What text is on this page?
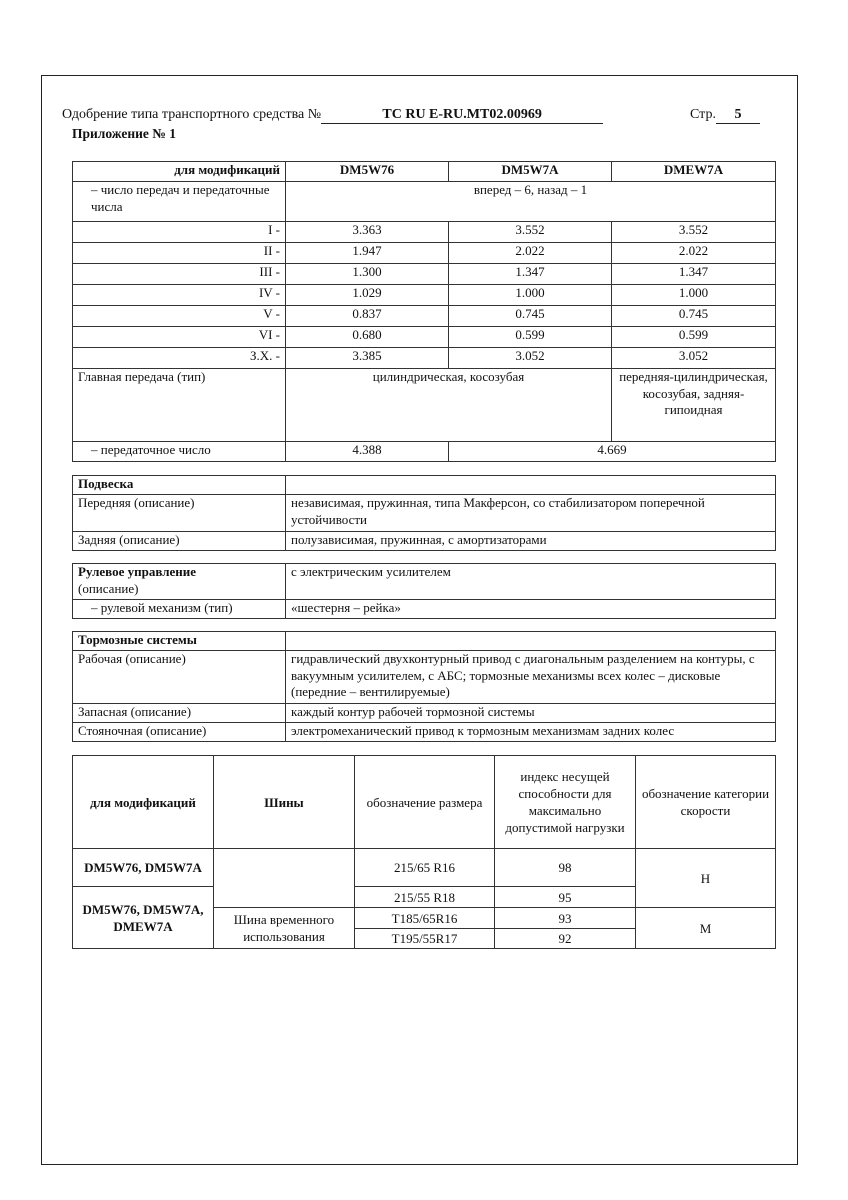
Одобрение типа транспортного средства №	ТС RU E-RU.MT02.00969	Стр. 5
Приложение № 1
для модификаций	DM5W76	DM5W7A	DMEW7A
– число передач и передаточные числа	вперед – 6, назад – 1		
I -	3.363	3.552	3.552
II -	1.947	2.022	2.022
III -	1.300	1.347	1.347
IV -	1.029	1.000	1.000
V -	0.837	0.745	0.745
VI -	0.680	0.599	0.599
З.Х. -	3.385	3.052	3.052
Главная передача (тип)	цилиндрическая, косозубая		передняя-цилиндрическая, косозубая, задняя-гипоидная
– передаточное число	4.388	4.669	
Подвеска	
Передняя (описание)	независимая, пружинная, типа Макферсон, со стабилизатором поперечной устойчивости
Задняя (описание)	полузависимая, пружинная, с амортизаторами
Рулевое управление
(описание)	с электрическим усилителем
– рулевой механизм (тип)	«шестерня – рейка»
Тормозные системы	
Рабочая (описание)	гидравлический двухконтурный привод с диагональным разделением на контуры, с вакуумным усилителем, с АБС; тормозные механизмы всех колес – дисковые (передние – вентилируемые)
Запасная (описание)	каждый контур рабочей тормозной системы
Стояночная (описание)	электромеханический привод к тормозным механизмам задних колес
для модификаций	Шины	обозначение размера	индекс несущей способности для максимально допустимой нагрузки	обозначение категории скорости
DM5W76, DM5W7A		215/65 R16	98	H
DM5W76, DM5W7A, DMEW7A		215/55 R18	95	
	Шина временного использования	T185/65R16	93	M
		T195/55R17	92	
